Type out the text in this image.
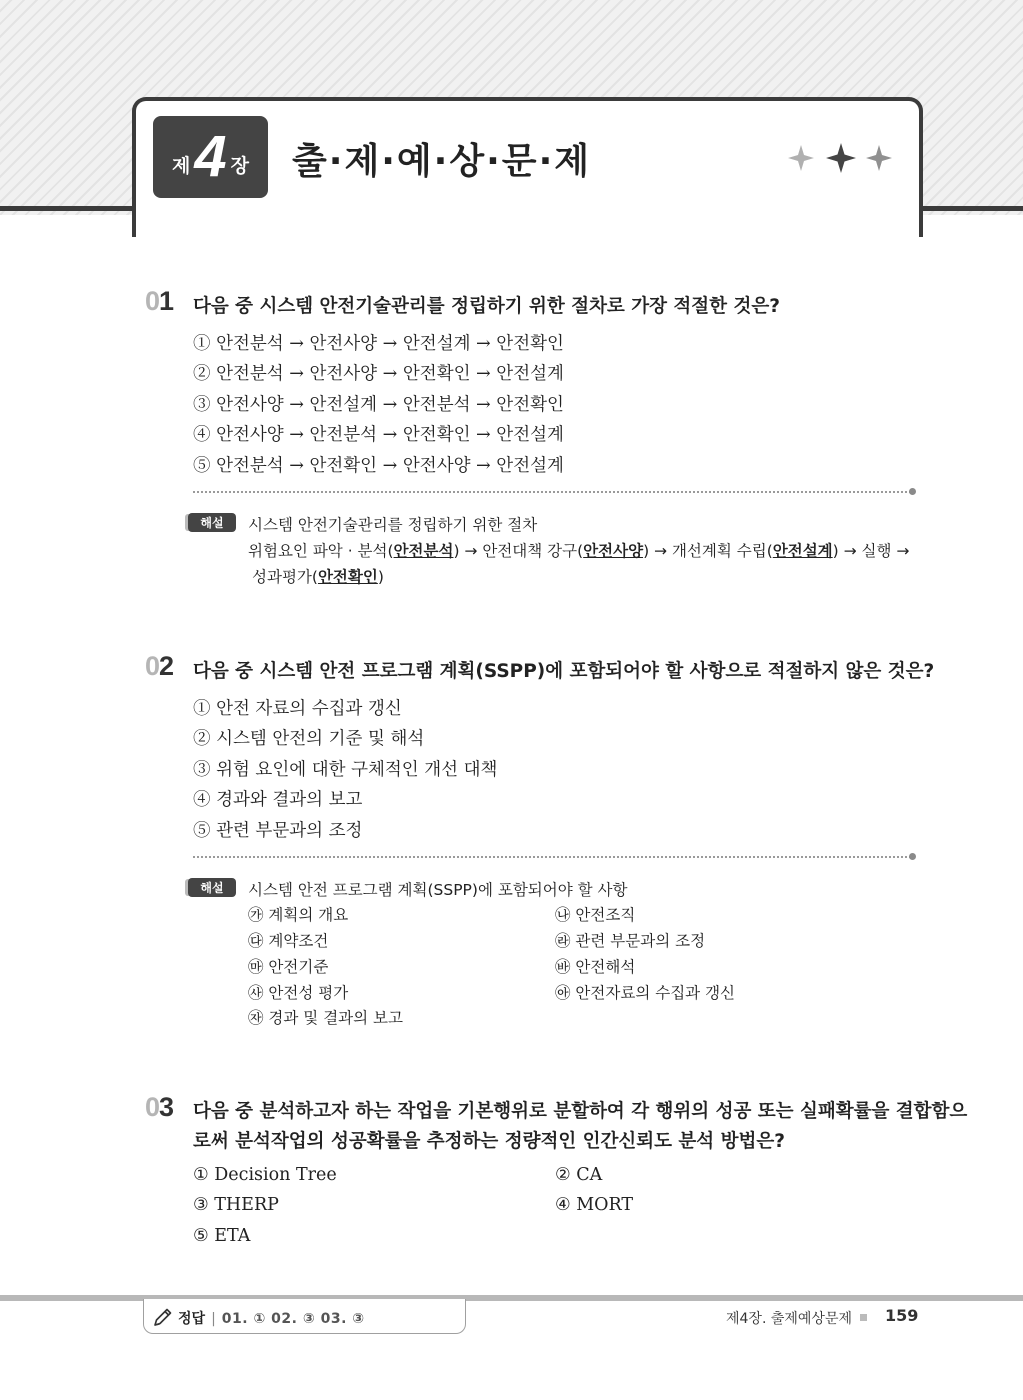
제 4 장 출·제·예·상·문·제
01 다음 중 시스템 안전기술관리를 정립하기 위한 절차로 가장 적절한 것은?
① 안전분석 → 안전사양 → 안전설계 → 안전확인
② 안전분석 → 안전사양 → 안전확인 → 안전설계
③ 안전사양 → 안전설계 → 안전분석 → 안전확인
④ 안전사양 → 안전분석 → 안전확인 → 안전설계
⑤ 안전분석 → 안전확인 → 안전사양 → 안전설계
해설	시스템 안전기술관리를 정립하기 위한 절차
위험요인 파악 · 분석(안전분석) → 안전대책 강구(안전사양) → 개선계획 수립(안전설계) → 실행 →
성과평가(안전확인)
02 다음 중 시스템 안전 프로그램 계획(SSPP)에 포함되어야 할 사항으로 적절하지 않은 것은?
① 안전 자료의 수집과 갱신
② 시스템 안전의 기준 및 해석
③ 위험 요인에 대한 구체적인 개선 대책
④ 경과와 결과의 보고
⑤ 관련 부문과의 조정
해설	시스템 안전 프로그램 계획(SSPP)에 포함되어야 할 사항
㉮ 계획의 개요	㉯ 안전조직
㉰ 계약조건	㉱ 관련 부문과의 조정
㉲ 안전기준	㉳ 안전해석
㉴ 안전성 평가	㉵ 안전자료의 수집과 갱신
㉶ 경과 및 결과의 보고
03 다음 중 분석하고자 하는 작업을 기본행위로 분할하여 각 행위의 성공 또는 실패확률을 결합함으
로써 분석작업의 성공확률을 추정하는 정량적인 인간신뢰도 분석 방법은?
① Decision Tree	② CA
③ THERP	④ MORT
⑤ ETA
정답 | 01. ① 02. ③ 03. ③	제4장. 출제예상문제 159
